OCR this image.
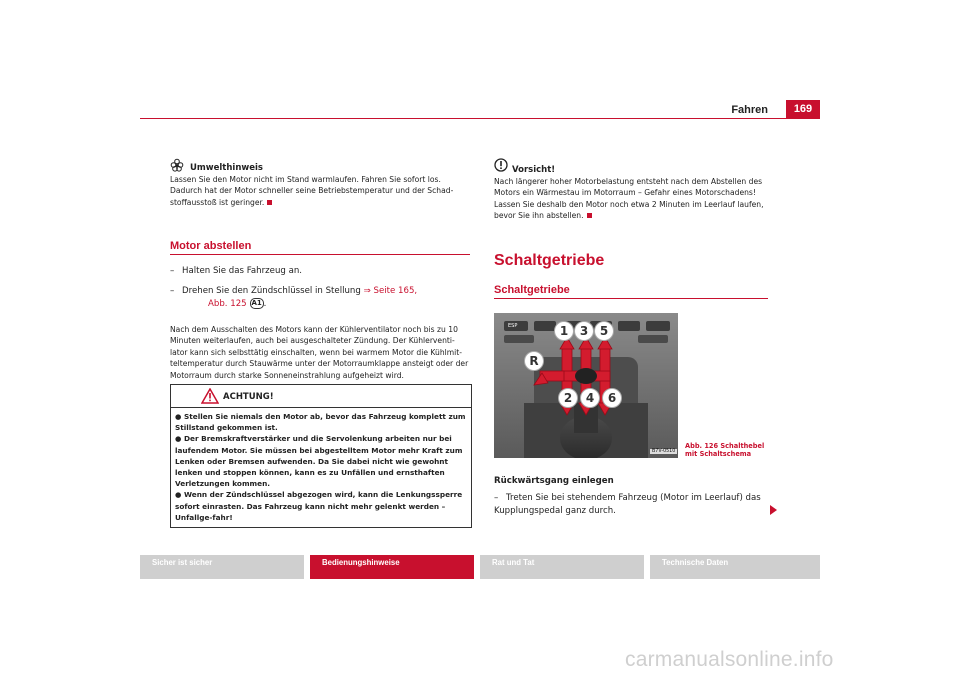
Fahren	169
Umwelthinweis
Lassen Sie den Motor nicht im Stand warmlaufen. Fahren Sie sofort los. Dadurch hat der Motor schneller seine Betriebstemperatur und der Schad-stoffausstoß ist geringer.
Motor abstellen
– Halten Sie das Fahrzeug an.
– Drehen Sie den Zündschlüssel in Stellung ⇒ Seite 165,
Abb. 125 A1 .
Nach dem Ausschalten des Motors kann der Kühlerventilator noch bis zu 10 Minuten weiterlaufen, auch bei ausgeschalteter Zündung. Der Kühlerventi-lator kann sich selbsttätig einschalten, wenn bei warmem Motor die Kühlmit-teltemperatur durch Stauwärme unter der Motorraumklappe ansteigt oder der Motorraum durch starke Sonneneinstrahlung aufgeheizt wird.
ACHTUNG!
● Stellen Sie niemals den Motor ab, bevor das Fahrzeug komplett zum Stillstand gekommen ist.
● Der Bremskraftverstärker und die Servolenkung arbeiten nur bei laufendem Motor. Sie müssen bei abgestelltem Motor mehr Kraft zum Lenken oder Bremsen aufwenden. Da Sie dabei nicht wie gewohnt lenken und stoppen können, kann es zu Unfällen und ernsthaften Verletzungen kommen.
● Wenn der Zündschlüssel abgezogen wird, kann die Lenkungssperre sofort einrasten. Das Fahrzeug kann nicht mehr gelenkt werden – Unfallge-fahr!
Vorsicht!
Nach längerer hoher Motorbelastung entsteht nach dem Abstellen des Motors ein Wärmestau im Motorraum – Gefahr eines Motorschadens! Lassen Sie deshalb den Motor noch etwa 2 Minuten im Leerlauf laufen, bevor Sie ihn abstellen.
Schaltgetriebe
Schaltgetriebe
ESP	1 3 5
R
2	4	6
B7V-0510
Abb. 126 Schalthebel
mit Schaltschema
Rückwärtsgang einlegen
– Treten Sie bei stehendem Fahrzeug (Motor im Leerlauf) das Kupplungspedal ganz durch.
Sicher ist sicher	Bedienungshinweise	Rat und Tat	Technische Daten
carmanualsonline.info
